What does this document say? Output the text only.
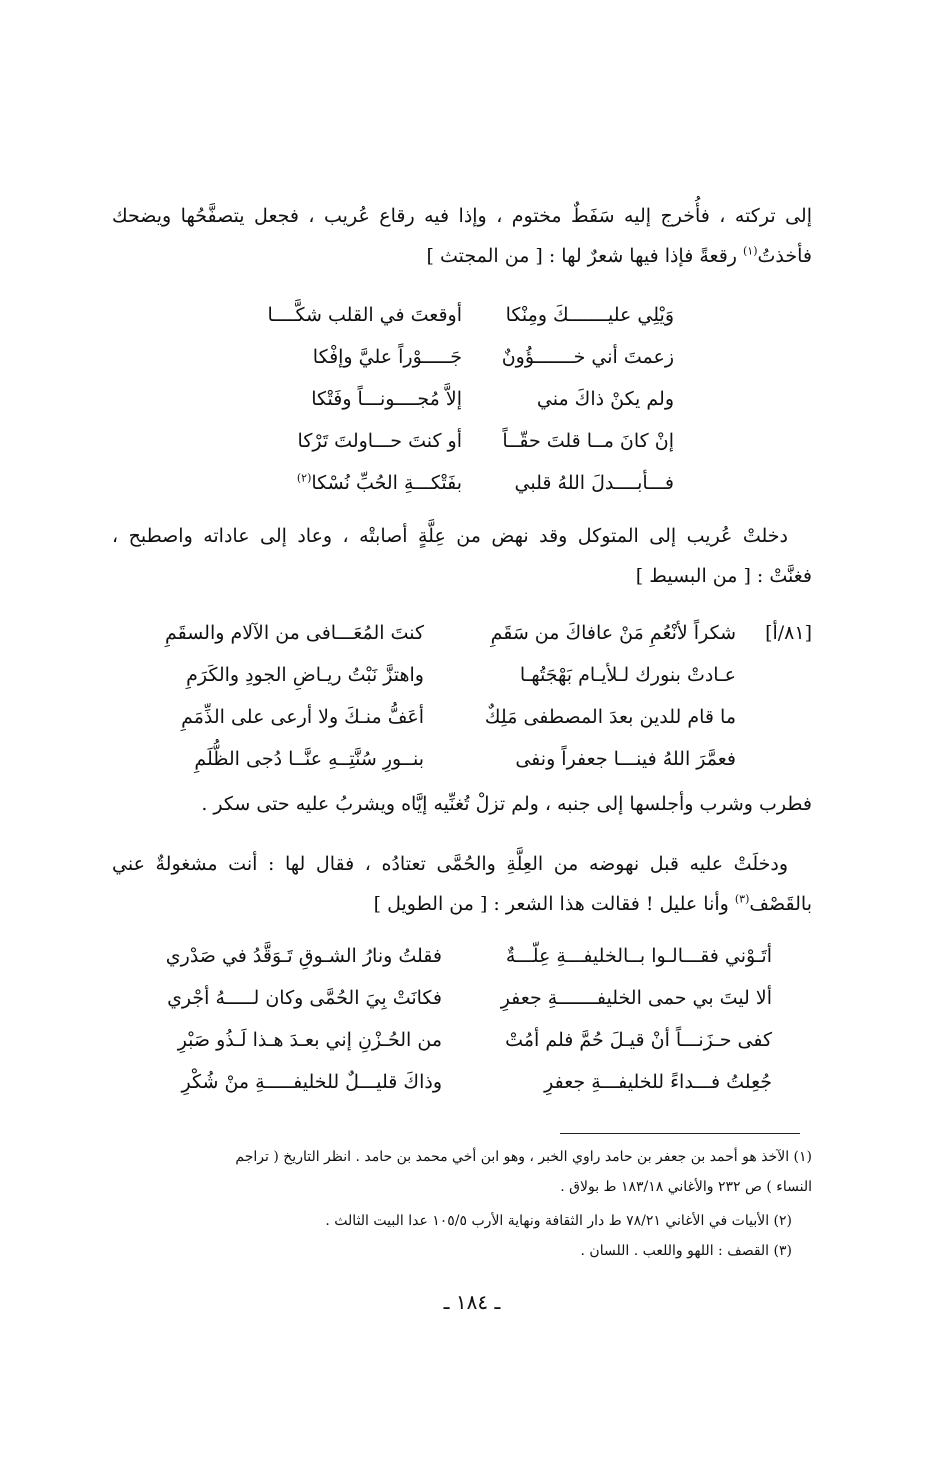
إلى تركته ، فأُخرج إليه سَفَطٌ مختوم ، وإذا فيه رقاع عُريب ، فجعل يتصفَّحُها ويضحك
فأخذتُ$^{(١)}$ رقعةً فإذا فيها شعرٌ لها : [ من المجتث ]
وَيْلِي عليـــــــكَ ومِنْكا
أوقعتَ في القلب شكَّــــا
زعمتَ أني خـــــــؤُونٌ
جَـــــوْراً عليَّ وإفْكا
ولم يكنْ ذاكَ مني
إلاَّ مُجــــونـــاً وفَتْكا
إنْ كانَ مــا قلتَ حقّــاً
أو كنتَ حـــاولتَ تَرْكا
فـــأبــــدلَ اللهُ قلبي
بفَتْكـــةِ الحُبِّ نُسْكا$^{(٢)}$
دخلتْ عُريب إلى المتوكل وقد نهض من عِلَّةٍ أصابتْه ، وعاد إلى عاداته واصطبح ،
فغنَّتْ : [ من البسيط ]
[٨١/أ]
شكراً لأنْعُمِ مَنْ عافاكَ من سَقَمِ
كنتَ المُعَـــافى من الآلام والسقَمِ
عـادتْ بنورك لـلأيـام بَهْجَتُهـا
واهتزَّ نَبْتُ ريـاضِ الجودِ والكَرَمِ
ما قام للدين بعدَ المصطفى مَلِكٌ
أعَفُّ منـكَ ولا أرعى على الذِّمَمِ
فعمَّرَ اللهُ فينـــا جعفراً ونفى
بنــورِ سُنَّتِــهِ عنَّــا دُجى الظُّلَمِ
فطرب وشرب وأجلسها إلى جنبه ، ولم تزلْ تُغنِّيه إيَّاه ويشربُ عليه حتى سكر .
ودخلَتْ عليه قبل نهوضه من العِلَّةِ والحُمَّى تعتادُه ، فقال لها : أنت مشغولةٌ عني
بالقَصْف$^{(٣)}$ وأنا عليل ! فقالت هذا الشعر : [ من الطويل ]
أتَـوْني فقـــالـوا بــالخليفـــةِ عِلّـــةٌ
فقلتُ ونارُ الشـوقِ تَـوَقَّدُ في صَدْري
ألا ليتَ بي حمى الخليفـــــــةِ جعفرِ
فكانَتْ بِيَ الحُمَّى وكان لـــــهُ أجْري
كفى حـزَنـــاً أنْ قيـلَ حُمَّ فلم أمُتْ
من الحُـزْنِ إني بعـدَ هـذا لَـذُو صَبْرِ
جُعِلتُ فـــداءً للخليفـــةِ جعفرِ
وذاكَ قليـــلٌ للخليفـــــةِ منْ شُكْرِ
(١) الآخذ هو أحمد بن جعفر بن حامد راوي الخبر ، وهو ابن أخي محمد بن حامد . انظر التاريخ ( تراجم
النساء ) ص ٢٣٢ والأغاني ١٨٣/١٨ ط بولاق .
(٢) الأبيات في الأغاني ٧٨/٢١ ط دار الثقافة ونهاية الأرب ١٠٥/٥ عدا البيت الثالث .
(٣) القصف : اللهو واللعب . اللسان .
ـ ١٨٤ ـ
